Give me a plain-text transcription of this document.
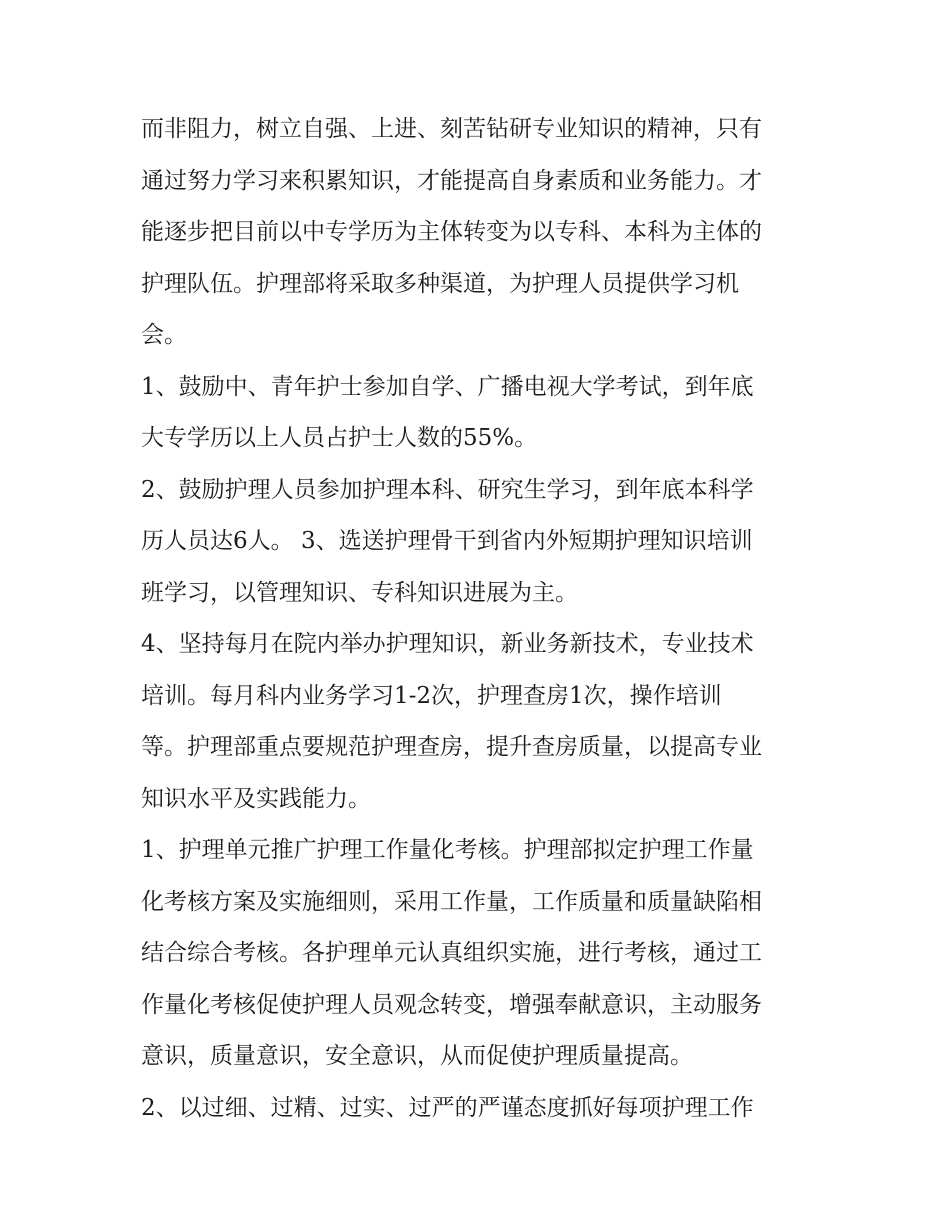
而非阻力，树立自强、上进、刻苦钻研专业知识的精神，只有
通过努力学习来积累知识，才能提高自身素质和业务能力。才
能逐步把目前以中专学历为主体转变为以专科、本科为主体的
护理队伍。护理部将采取多种渠道，为护理人员提供学习机
会。

1、鼓励中、青年护士参加自学、广播电视大学考试，到年底
大专学历以上人员占护士人数的55%。

2、鼓励护理人员参加护理本科、研究生学习，到年底本科学
历人员达6人。 3、选送护理骨干到省内外短期护理知识培训
班学习，以管理知识、专科知识进展为主。

4、坚持每月在院内举办护理知识，新业务新技术，专业技术
培训。每月科内业务学习1-2次，护理查房1次，操作培训
等。护理部重点要规范护理查房，提升查房质量，以提高专业
知识水平及实践能力。

1、护理单元推广护理工作量化考核。护理部拟定护理工作量
化考核方案及实施细则，采用工作量，工作质量和质量缺陷相
结合综合考核。各护理单元认真组织实施，进行考核，通过工
作量化考核促使护理人员观念转变，增强奉献意识，主动服务
意识，质量意识，安全意识，从而促使护理质量提高。

2、以过细、过精、过实、过严的严谨态度抓好每项护理工作
